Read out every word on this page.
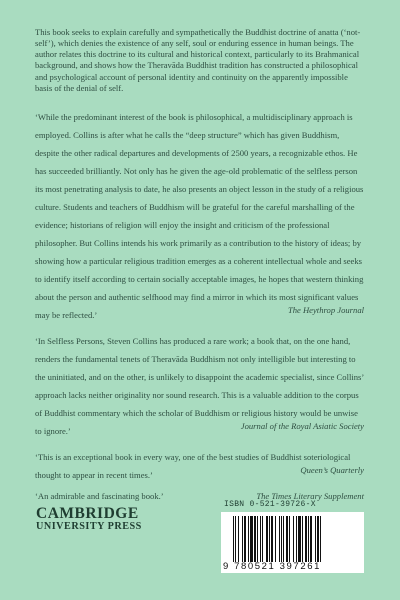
This book seeks to explain carefully and sympathetically the Buddhist doctrine of anatta (‘not-self’), which denies the existence of any self, soul or enduring essence in human beings. The author relates this doctrine to its cultural and historical context, particularly to its Brahmanical background, and shows how the Theravāda Buddhist tradition has constructed a philosophical and psychological account of personal identity and continuity on the apparently impossible basis of the denial of self.

‘While the predominant interest of the book is philosophical, a multidisciplinary approach is employed. Collins is after what he calls the “deep structure” which has given Buddhism, despite the other radical departures and developments of 2500 years, a recognizable ethos. He has succeeded brilliantly. Not only has he given the age-old problematic of the selfless person its most penetrating analysis to date, he also presents an object lesson in the study of a religious culture. Students and teachers of Buddhism will be grateful for the careful marshalling of the evidence; historians of religion will enjoy the insight and criticism of the professional philosopher. But Collins intends his work primarily as a contribution to the history of ideas; by showing how a particular religious tradition emerges as a coherent intellectual whole and seeks to identify itself according to certain socially acceptable images, he hopes that western thinking about the person and authentic selfhood may find a mirror in which its most significant values may be reflected.’	The Heythrop Journal
‘In Selfless Persons, Steven Collins has produced a rare work; a book that, on the one hand, renders the fundamental tenets of Theravāda Buddhism not only intelligible but interesting to the uninitiated, and on the other, is unlikely to disappoint the academic specialist, since Collins’ approach lacks neither originality nor sound research. This is a valuable addition to the corpus of Buddhist commentary which the scholar of Buddhism or religious history would be unwise to ignore.’	Journal of the Royal Asiatic Society
‘This is an exceptional book in every way, one of the best studies of Buddhist soteriological thought to appear in recent times.’	Queen’s Quarterly
‘An admirable and fascinating book.’	The Times Literary Supplement
CAMBRIDGE
UNIVERSITY PRESS
ISBN 0-521-39726-X
9 780521 397261
